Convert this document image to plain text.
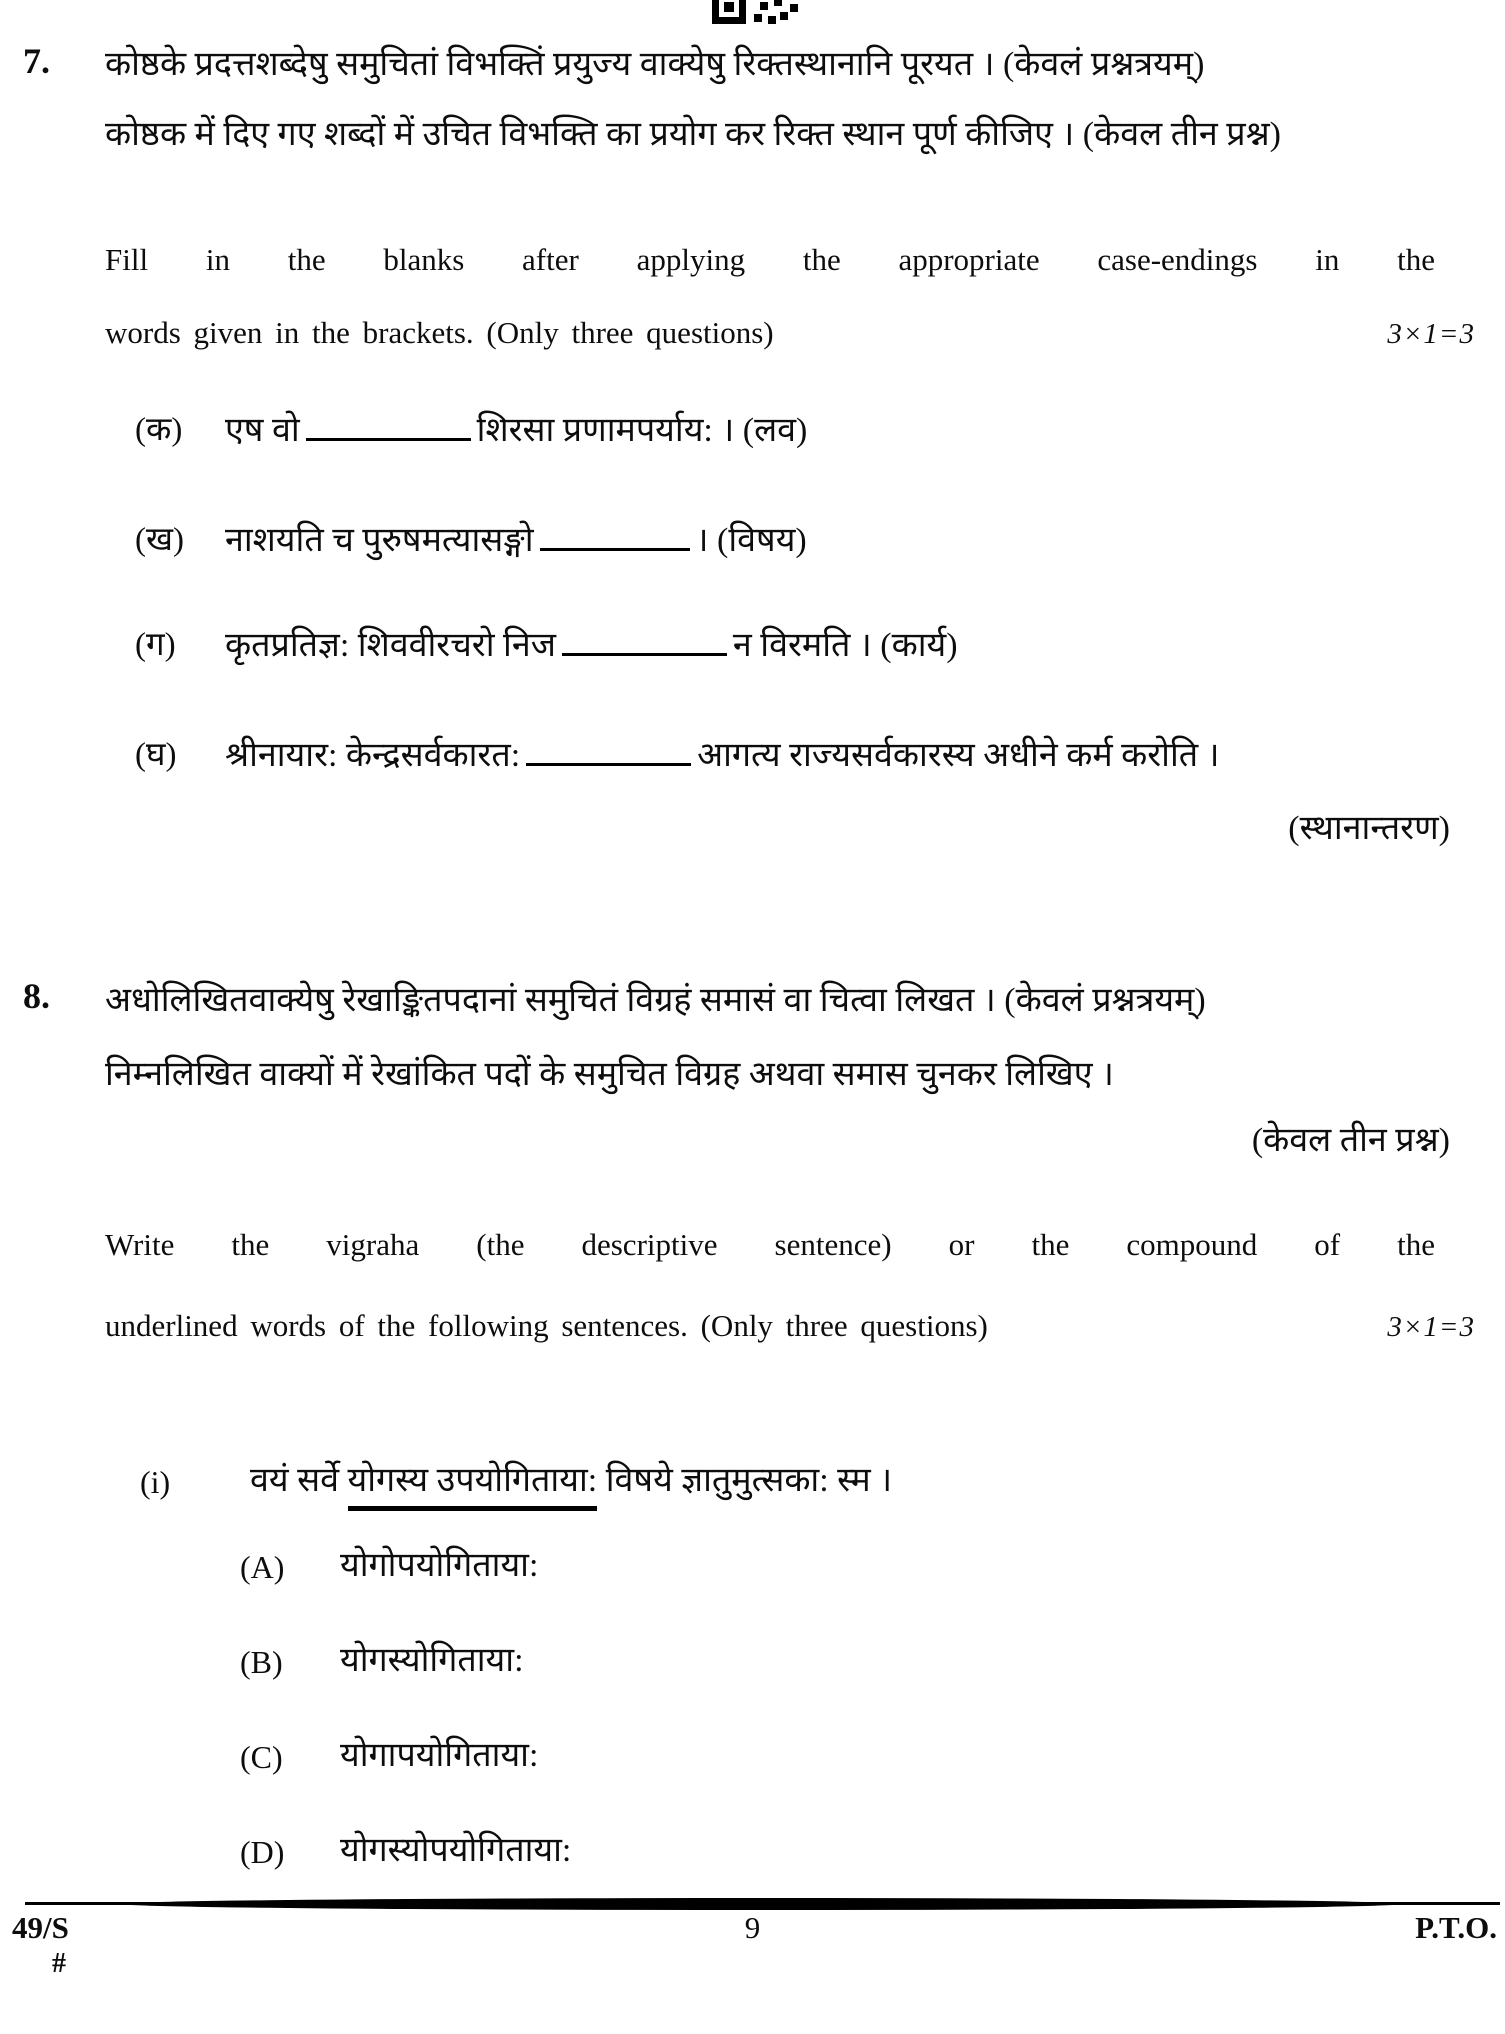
7. कोष्ठके प्रदत्तशब्देषु समुचितां विभक्तिं प्रयुज्य वाक्येषु रिक्तस्थानानि पूरयत । (केवलं प्रश्नत्रयम्)
कोष्ठक में दिए गए शब्दों में उचित विभक्ति का प्रयोग कर रिक्त स्थान पूर्ण कीजिए । (केवल तीन प्रश्न)
Fill in the blanks after applying the appropriate case-endings in the
words given in the brackets. (Only three questions)	3×1=3
(क) एष वो	शिरसा प्रणामपर्याय: । (लव)
(ख) नाशयति च पुरुषमत्यासङ्गो	। (विषय)
(ग) कृतप्रतिज्ञ: शिववीरचरो निज	न विरमति । (कार्य)
(घ) श्रीनायार: केन्द्रसर्वकारत:	आगत्य राज्यसर्वकारस्य अधीने कर्म करोति ।
(स्थानान्तरण)
8. अधोलिखितवाक्येषु रेखाङ्कितपदानां समुचितं विग्रहं समासं वा चित्वा लिखत । (केवलं प्रश्नत्रयम्)
निम्नलिखित वाक्यों में रेखांकित पदों के समुचित विग्रह अथवा समास चुनकर लिखिए ।
(केवल तीन प्रश्न)
Write the vigraha (the descriptive sentence) or the compound of the
underlined words of the following sentences. (Only three questions)	3×1=3
(i) वयं सर्वे योगस्य उपयोगिताया: विषये ज्ञातुमुत्सका: स्म ।
(A) योगोपयोगिताया:
(B) योगस्योगिताया:
(C) योगापयोगिताया:
(D) योगस्योपयोगिताया:
49/S
#
9	P.T.O.
